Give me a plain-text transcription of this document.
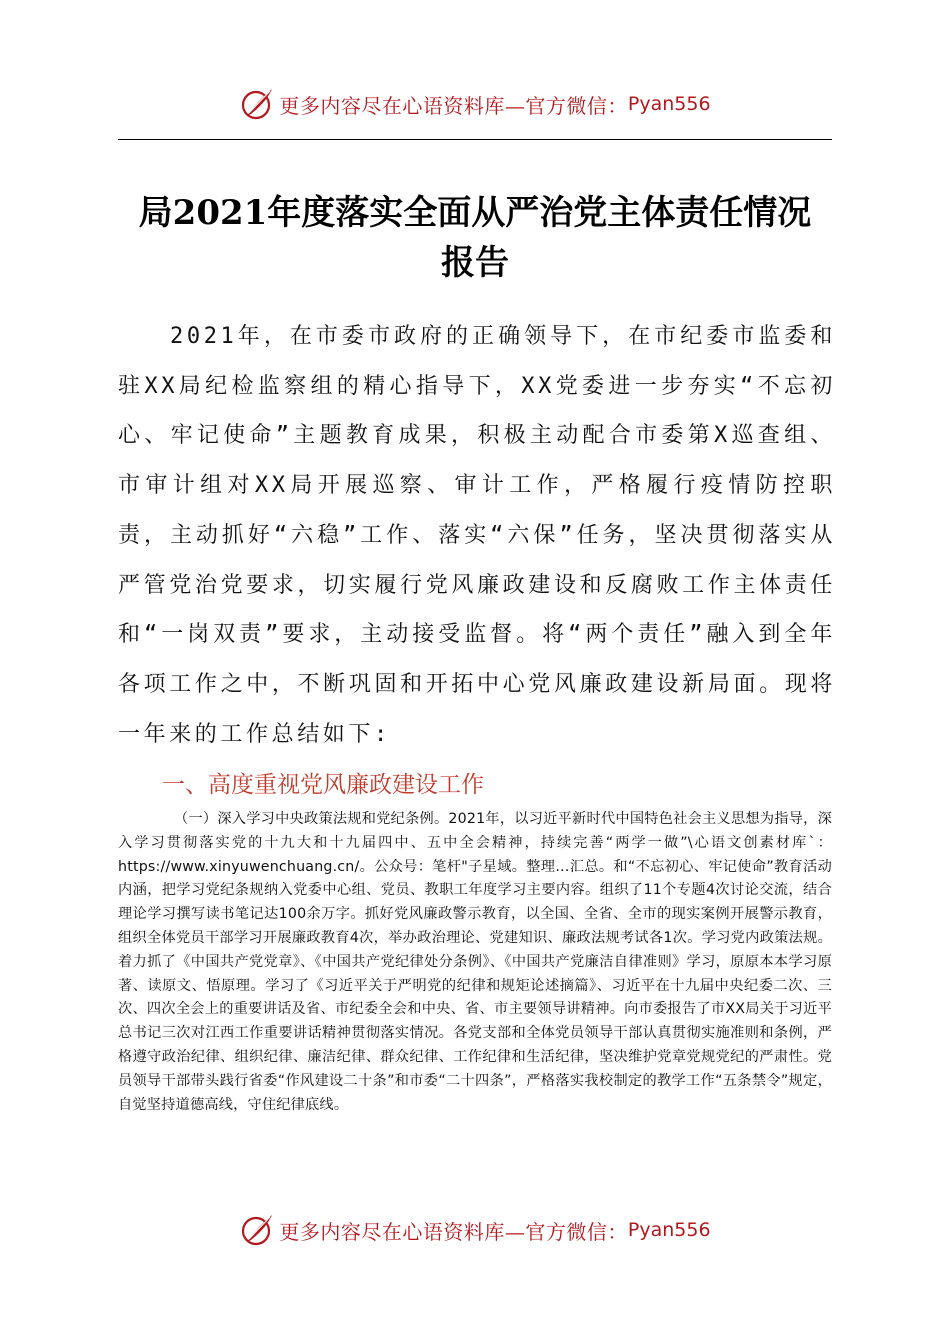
更多内容尽在心语资料库—官方微信： Pyan556
局2021年度落实全面从严治党主体责任情况
报告

2021年，在市委市政府的正确领导下，在市纪委市监委和驻XX局纪检监察组的精心指导下，XX党委进一步夯实“不忘初心、牢记使命”主题教育成果，积极主动配合市委第X巡查组、市审计组对XX局开展巡察、审计工作，严格履行疫情防控职责，主动抓好“六稳”工作、落实“六保”任务，坚决贯彻落实从严管党治党要求，切实履行党风廉政建设和反腐败工作主体责任和“一岗双责”要求，主动接受监督。将“两个责任”融入到全年各项工作之中，不断巩固和开拓中心党风廉政建设新局面。现将一年来的工作总结如下:

一、高度重视党风廉政建设工作

（一）深入学习中央政策法规和党纪条例。2021年，以习近平新时代中国特色社会主义思想为指导，深入学习贯彻落实党的十九大和十九届四中、五中全会精神，持续完善“两学一做”\心语文创素材库`：https://www.xinyuwenchuang.cn/。公众号：笔杆"子星域。整理…汇总。和“不忘初心、牢记使命”教育活动内涵，把学习党纪条规纳入党委中心组、党员、教职工年度学习主要内容。组织了11个专题4次讨论交流，结合理论学习撰写读书笔记达100余万字。抓好党风廉政警示教育，以全国、全省、全市的现实案例开展警示教育，组织全体党员干部学习开展廉政教育4次，举办政治理论、党建知识、廉政法规考试各1次。学习党内政策法规。着力抓了《中国共产党党章》、《中国共产党纪律处分条例》、《中国共产党廉洁自律准则》学习，原原本本学习原著、读原文、悟原理。学习了《习近平关于严明党的纪律和规矩论述摘篇》、习近平在十九届中央纪委二次、三次、四次全会上的重要讲话及省、市纪委全会和中央、省、市主要领导讲精神。向市委报告了市XX局关于习近平总书记三次对江西工作重要讲话精神贯彻落实情况。各党支部和全体党员领导干部认真贯彻实施准则和条例，严格遵守政治纪律、组织纪律、廉洁纪律、群众纪律、工作纪律和生活纪律，坚决维护党章党规党纪的严肃性。党员领导干部带头践行省委“作风建设二十条”和市委“二十四条”，严格落实我校制定的教学工作“五条禁令”规定，自觉坚持道德高线，守住纪律底线。

更多内容尽在心语资料库—官方微信： Pyan556
